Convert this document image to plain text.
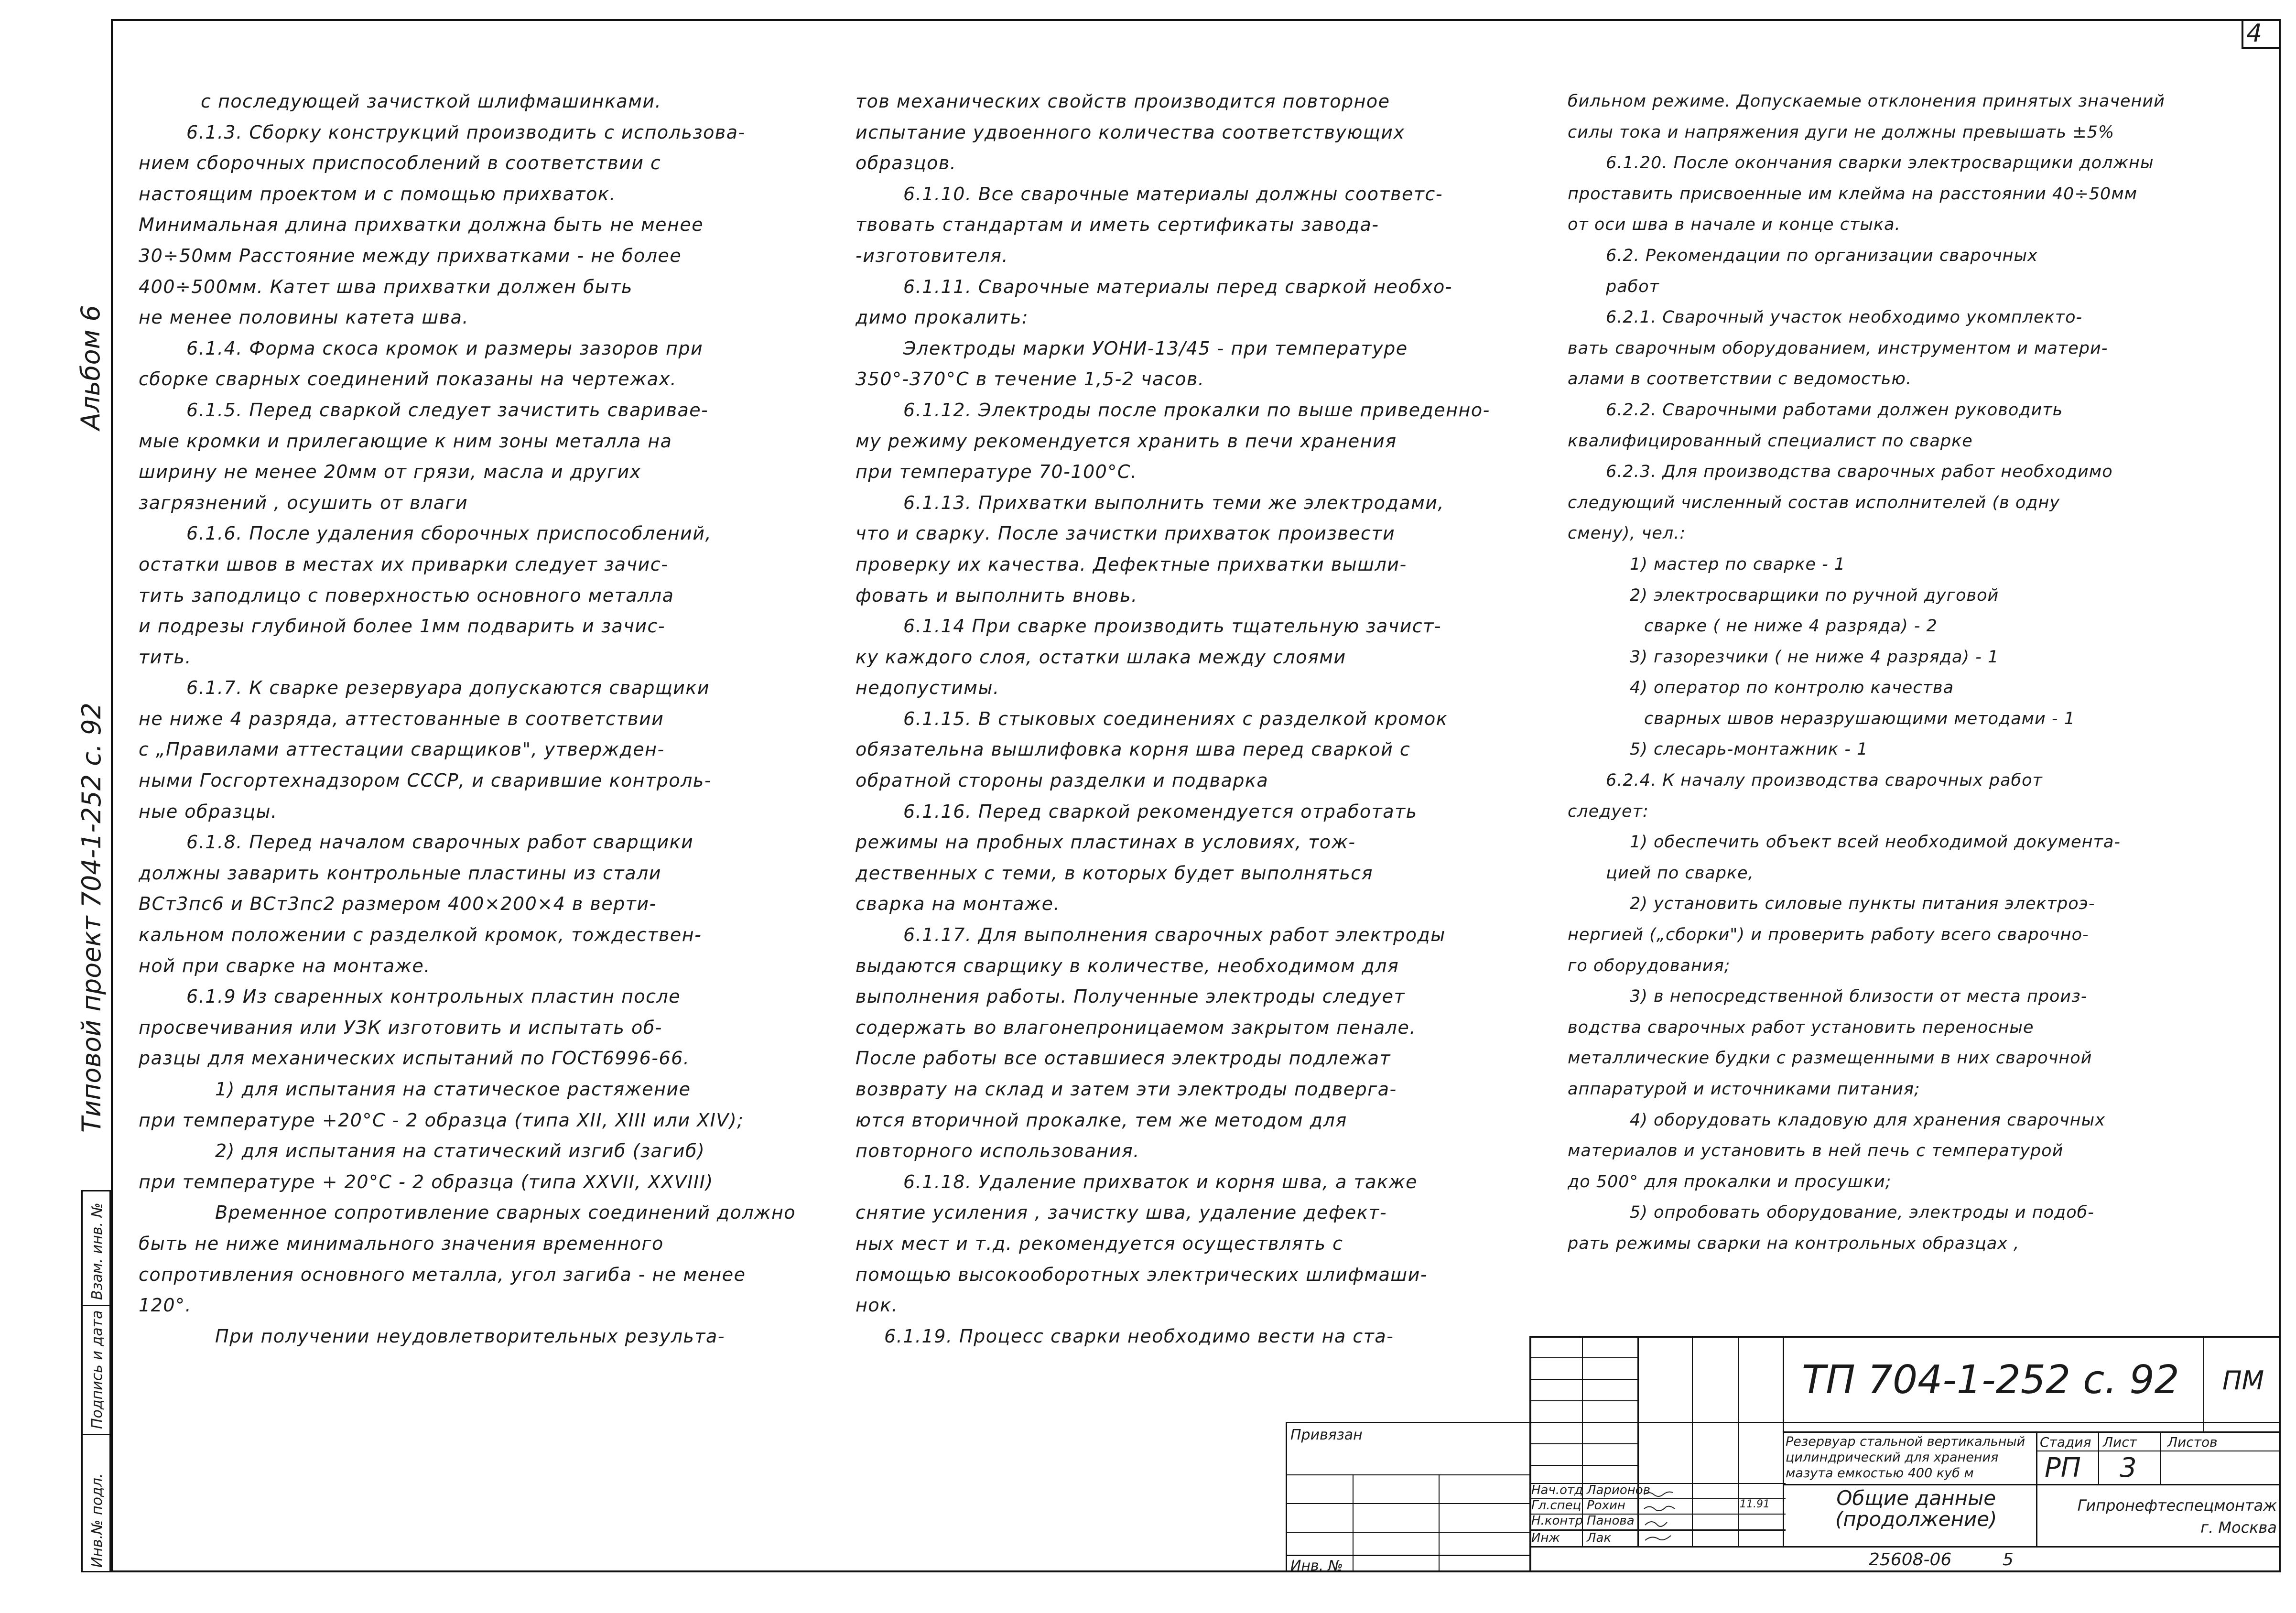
4
Альбом 6
Типовой проект 704-1-252 с. 92
Взам. инв. №
Подпись и дата
Инв.№ подл.
с последующей зачисткой шлифмашинками.
6.1.3. Сборку конструкций производить с использова-
нием сборочных приспособлений в соответствии с
настоящим проектом и с помощью прихваток.
Минимальная длина прихватки должна быть не менее
30÷50мм Расстояние между прихватками - не более
400÷500мм. Катет шва прихватки должен быть
не менее половины катета шва.
6.1.4. Форма скоса кромок и размеры зазоров при
сборке сварных соединений показаны на чертежах.
6.1.5. Перед сваркой следует зачистить свариваe-
мые кромки и прилегающие к ним зоны металла на
ширину не менее 20мм от грязи, масла и других
загрязнений , осушить от влаги
6.1.6. После удаления сборочных приспособлений,
остатки швов в местах их приварки следует зачис-
тить заподлицо с поверхностью основного металла
и подрезы глубиной более 1мм подварить и зачис-
тить.
6.1.7. К сварке резервуара допускаются сварщики
не ниже 4 разряда, аттестованные в соответствии
с „Правилами аттестации сварщиков", утвержден-
ными Госгортехнадзором СССР, и сварившие контроль-
ные образцы.
6.1.8. Перед началом сварочных работ сварщики
должны заварить контрольные пластины из стали
ВСт3пс6 и ВСт3пс2 размером 400×200×4 в верти-
кальном положении с разделкой кромок, тождествен-
ной при сварке на монтаже.
6.1.9 Из сваренных контрольных пластин после
просвечивания или УЗК изготовить и испытать об-
разцы для механических испытаний по ГОСТ6996-66.
1) для испытания на статическое растяжение
при температуре +20°С - 2 образца (типа XII, XIII или XIV);
2) для испытания на статический изгиб (загиб)
при температуре + 20°С - 2 образца (типа XXVII, XXVIII)
Временное сопротивление сварных соединений должно
быть не ниже минимального значения временного
сопротивления основного металла, угол загиба - не менее
120°.
При получении неудовлетворительных результа-
тов механических свойств производится повторное
испытание удвоенного количества соответствующих
образцов.
6.1.10. Все сварочные материалы должны соответс-
твовать стандартам и иметь сертификаты завода-
-изготовителя.
6.1.11. Сварочные материалы перед сваркой необхо-
димо прокалить:
Электроды марки УОНИ-13/45 - при температуре
350°-370°С в течение 1,5-2 часов.
6.1.12. Электроды после прокалки по выше приведенно-
му режиму рекомендуется хранить в печи хранения
при температуре 70-100°С.
6.1.13. Прихватки выполнить теми же электродами,
что и сварку. После зачистки прихваток произвести
проверку их качества. Дефектные прихватки вышли-
фовать и выполнить вновь.
6.1.14 При сварке производить тщательную зачист-
ку каждого слоя, остатки шлака между слоями
недопустимы.
6.1.15. В стыковых соединениях с разделкой кромок
обязательна вышлифовка корня шва перед сваркой с
обратной стороны разделки и подварка
6.1.16. Перед сваркой рекомендуется отработать
режимы на пробных пластинах в условиях, тож-
дественных с теми, в которых будет выполняться
сварка на монтаже.
6.1.17. Для выполнения сварочных работ электроды
выдаются сварщику в количестве, необходимом для
выполнения работы. Полученные электроды следует
содержать во влагонепроницаемом закрытом пенале.
После работы все оставшиеся электроды подлежат
возврату на склад и затем эти электроды подверга-
ются вторичной прокалке, тем же методом для
повторного использования.
6.1.18. Удаление прихваток и корня шва, а также
снятие усиления , зачистку шва, удаление дефект-
ных мест и т.д. рекомендуется осуществлять с
помощью высокооборотных электрических шлифмаши-
нок.
6.1.19. Процесс сварки необходимо вести на ста-
бильном режиме. Допускаемые отклонения принятых значений
силы тока и напряжения дуги не должны превышать ±5%
6.1.20. После окончания сварки электросварщики должны
проставить присвоенные им клейма на расстоянии 40÷50мм
от оси шва в начале и конце стыка.
6.2. Рекомендации по организации сварочных
работ
6.2.1. Сварочный участок необходимо укомплекто-
вать сварочным оборудованием, инструментом и матери-
алами в соответствии с ведомостью.
6.2.2. Сварочными работами должен руководить
квалифицированный специалист по сварке
6.2.3. Для производства сварочных работ необходимо
следующий численный состав исполнителей (в одну
смену), чел.:
1) мастер по сварке - 1
2) электросварщики по ручной дуговой
сварке ( не ниже 4 разряда) - 2
3) газорезчики ( не ниже 4 разряда) - 1
4) оператор по контролю качества
сварных швов неразрушающими методами - 1
5) слесарь-монтажник - 1
6.2.4. К началу производства сварочных работ
следует:
1) обеспечить объект всей необходимой документа-
цией по сварке,
2) установить силовые пункты питания электроэ-
нергией („сборки") и проверить работу всего сварочно-
го оборудования;
3) в непосредственной близости от места произ-
водства сварочных работ установить переносные
металлические будки с размещенными в них сварочной
аппаратурой и источниками питания;
4) оборудовать кладовую для хранения сварочных
материалов и установить в ней печь с температурой
до 500° для прокалки и просушки;
5) опробовать оборудование, электроды и подоб-
рать режимы сварки на контрольных образцах ,
ТП 704-1-252 с. 92 ПМ
Привязан
Инв. №
Резервуар стальной вертикальный
цилиндрический для хранения
мазута емкостью 400 куб м
Стадия Лист Листов
РП 3
Общие данные
(продолжение)
Гипронефтеспецмонтаж
г. Москва
Нач.отд Ларионов
Гл.спец Рохин	11.91
Н.контр Панова
Инж Лак
25608-06	5
